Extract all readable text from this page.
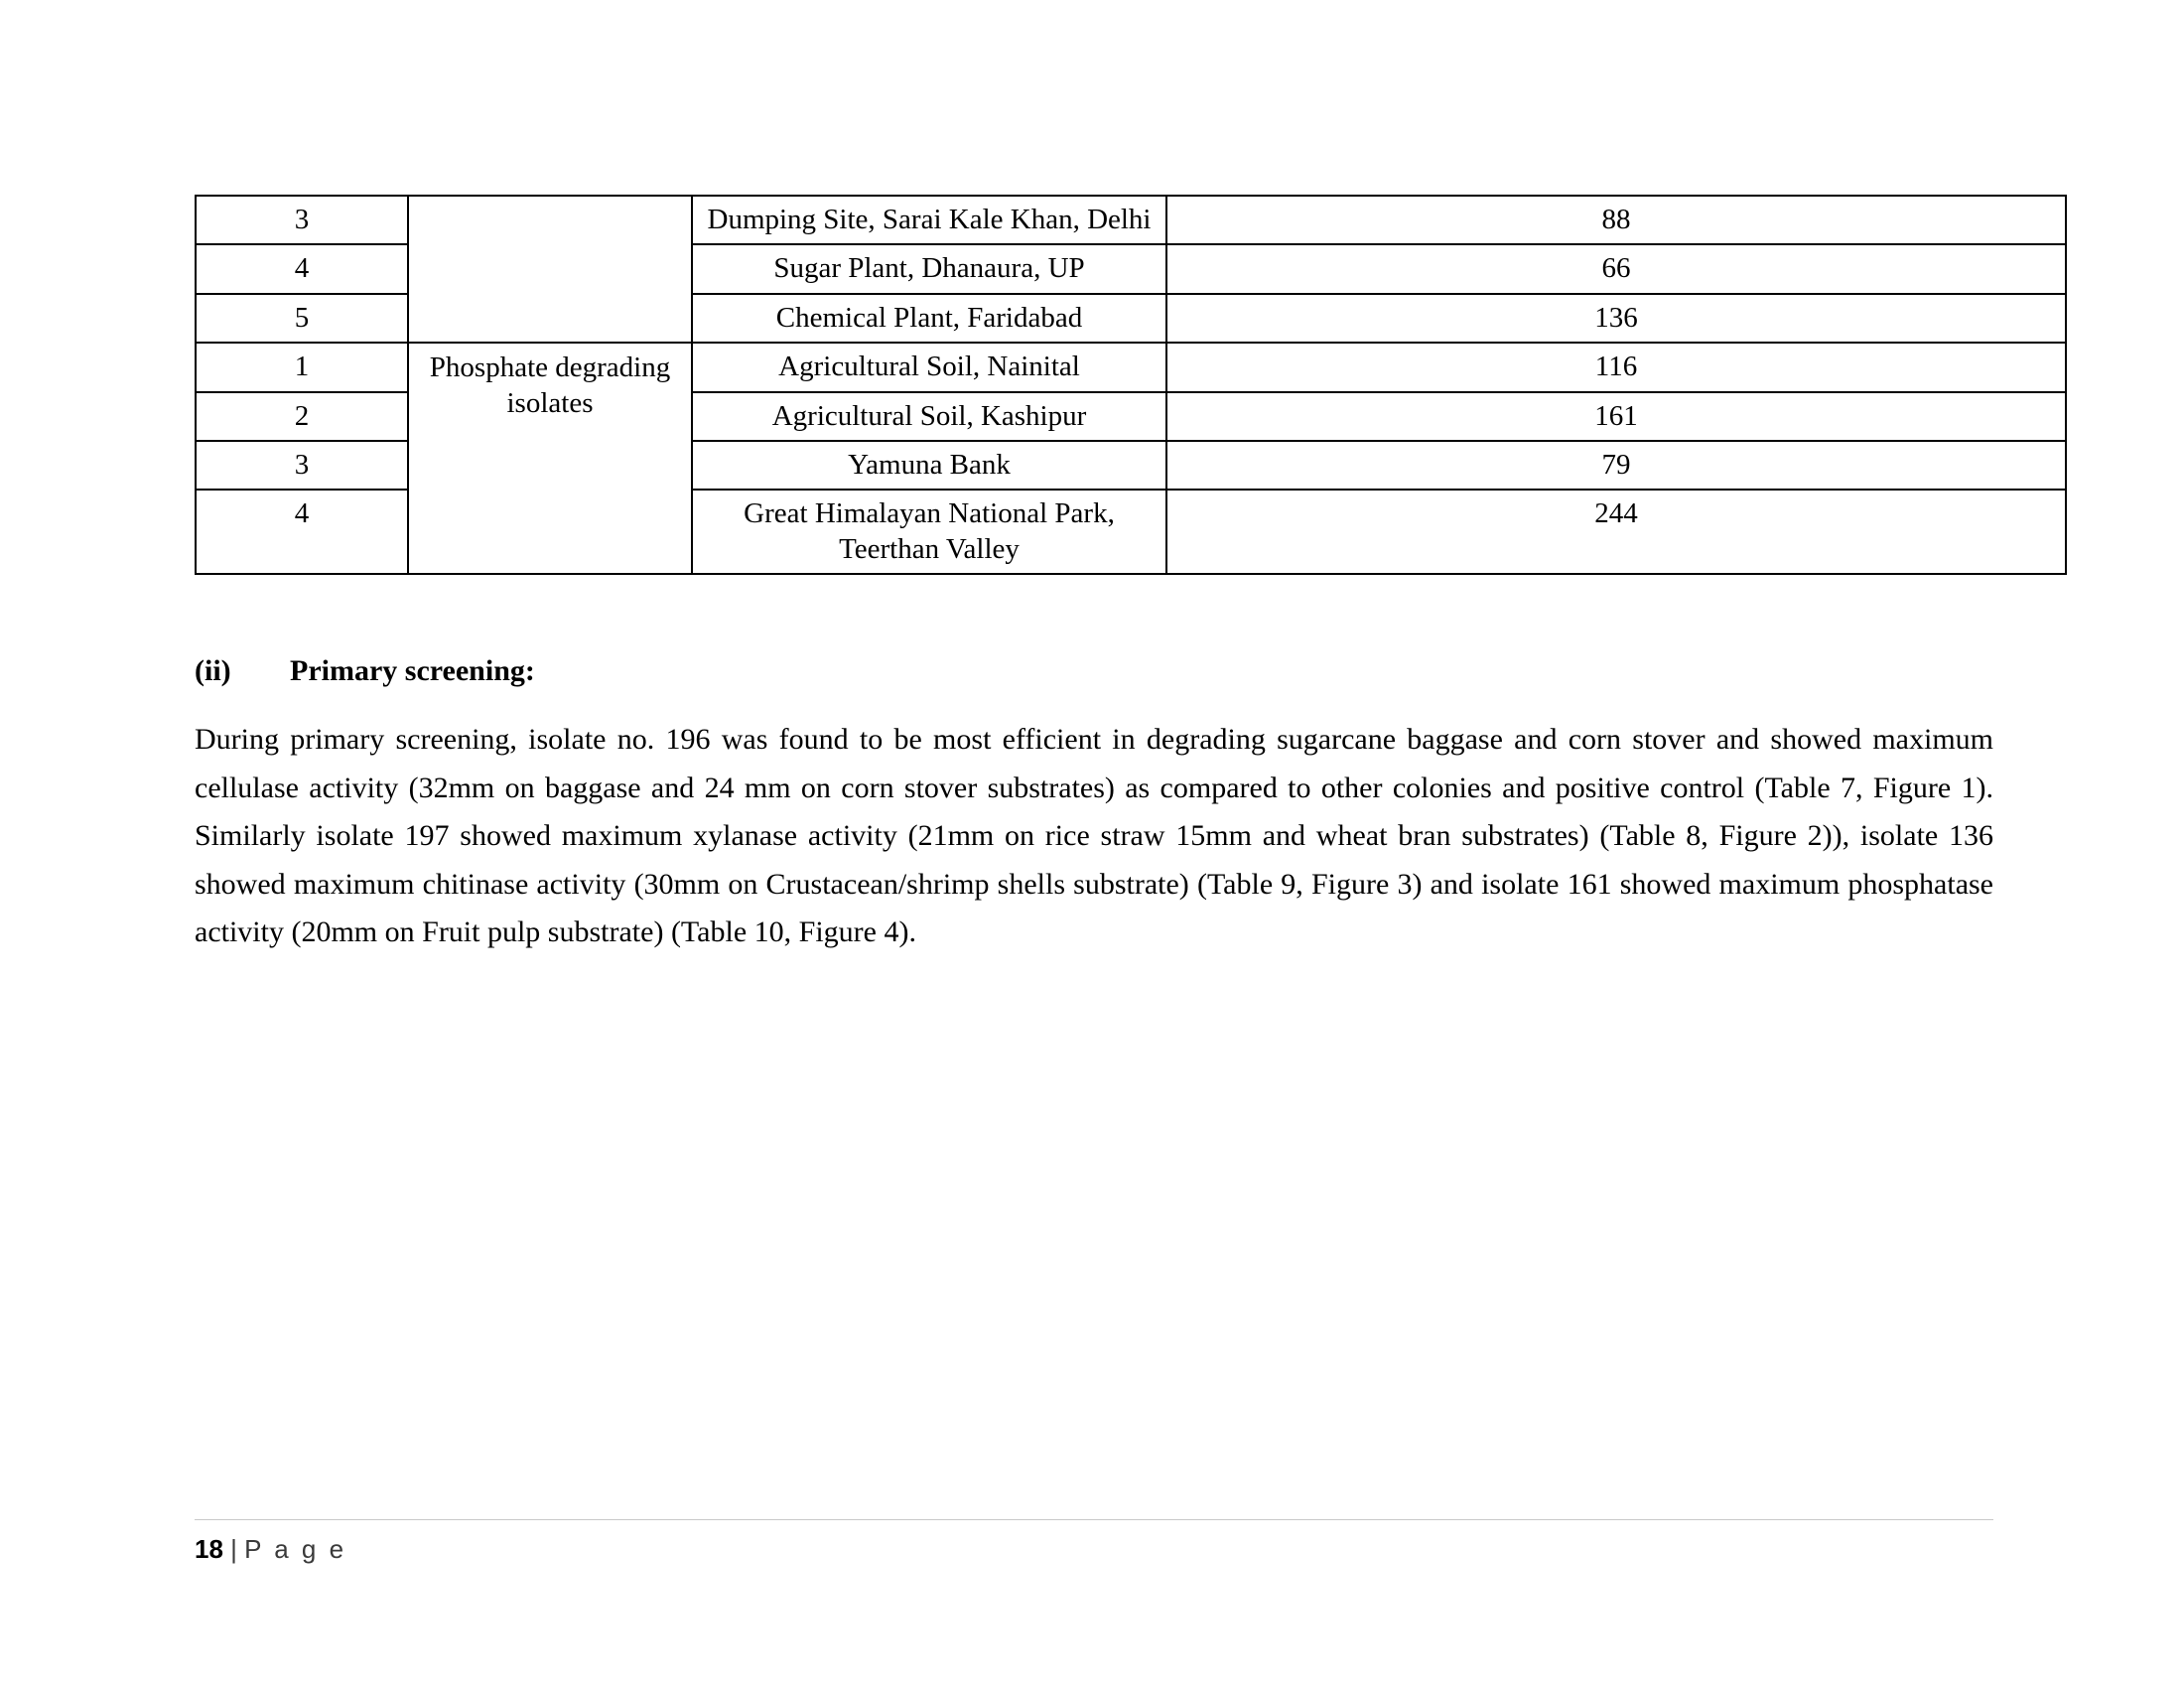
3		Dumping Site, Sarai Kale Khan, Delhi	88
4		Sugar Plant, Dhanaura, UP	66
5		Chemical Plant, Faridabad	136
1	Phosphate degrading isolates	Agricultural Soil, Nainital	116
2		Agricultural Soil, Kashipur	161
3		Yamuna Bank	79
4		Great Himalayan National Park, Teerthan Valley	244
(ii)	Primary screening:

During primary screening, isolate no. 196 was found to be most efficient in degrading sugarcane baggase and corn stover and showed maximum cellulase activity (32mm on baggase and 24 mm on corn stover substrates) as compared to other colonies and positive control (Table 7, Figure 1). Similarly isolate 197 showed maximum xylanase activity (21mm on rice straw 15mm and wheat bran substrates) (Table 8, Figure 2)), isolate 136 showed maximum chitinase activity (30mm on Crustacean/shrimp shells substrate) (Table 9, Figure 3) and isolate 161 showed maximum phosphatase activity (20mm on Fruit pulp substrate) (Table 10, Figure 4).

18 | P a g e
